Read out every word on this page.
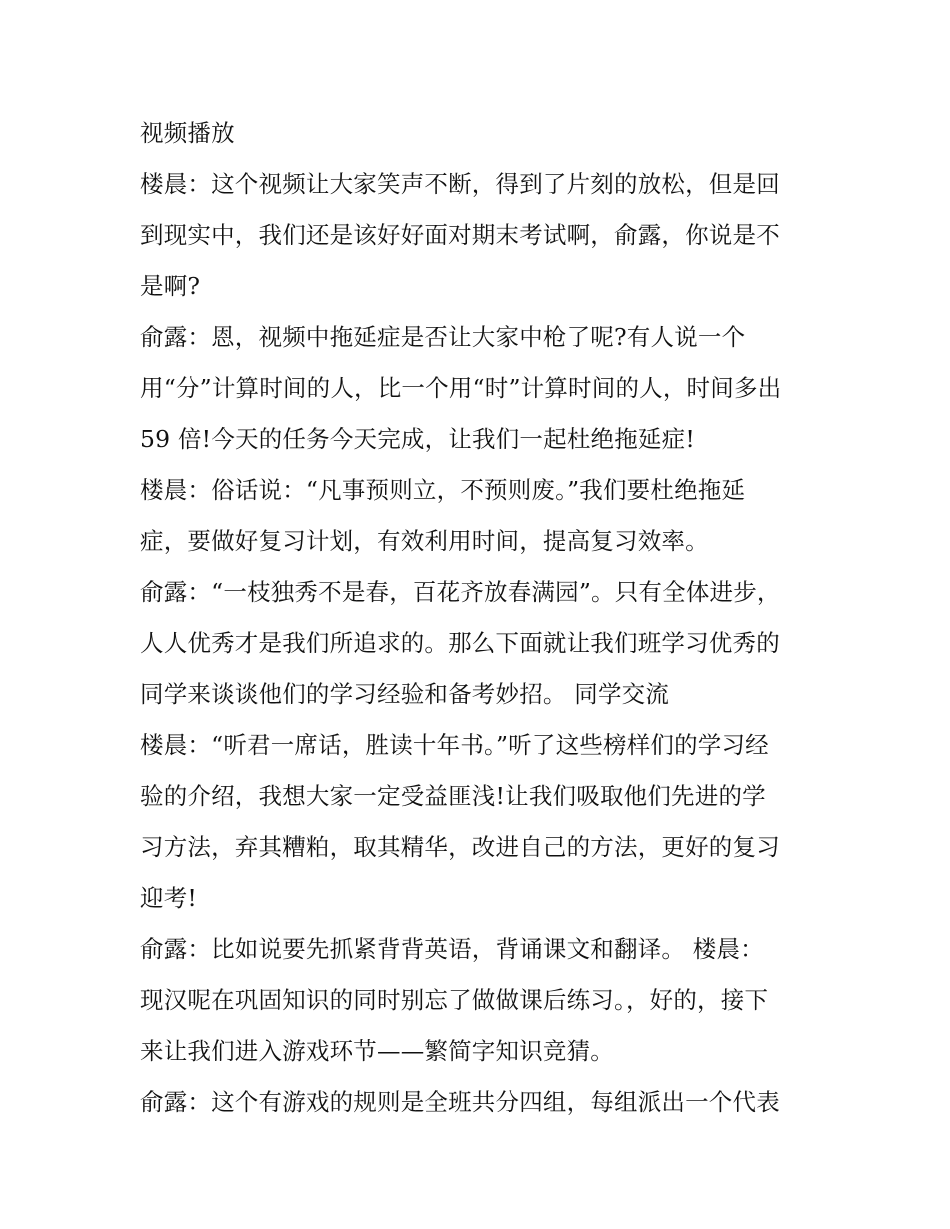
视频播放
楼晨：这个视频让大家笑声不断，得到了片刻的放松，但是回
到现实中，我们还是该好好面对期末考试啊，俞露，你说是不
是啊?
俞露：恩，视频中拖延症是否让大家中枪了呢?有人说一个
用“分”计算时间的人，比一个用“时”计算时间的人，时间多出
59 倍!今天的任务今天完成，让我们一起杜绝拖延症!
楼晨：俗话说：“凡事预则立，不预则废。”我们要杜绝拖延
症，要做好复习计划，有效利用时间，提高复习效率。
俞露：“一枝独秀不是春，百花齐放春满园”。只有全体进步，
人人优秀才是我们所追求的。那么下面就让我们班学习优秀的
同学来谈谈他们的学习经验和备考妙招。 同学交流
楼晨：“听君一席话，胜读十年书。”听了这些榜样们的学习经
验的介绍，我想大家一定受益匪浅!让我们吸取他们先进的学
习方法，弃其糟粕，取其精华，改进自己的方法，更好的复习
迎考!
俞露：比如说要先抓紧背背英语，背诵课文和翻译。 楼晨：
现汉呢在巩固知识的同时别忘了做做课后练习。，好的，接下
来让我们进入游戏环节——繁简字知识竞猜。
俞露：这个有游戏的规则是全班共分四组，每组派出一个代表
